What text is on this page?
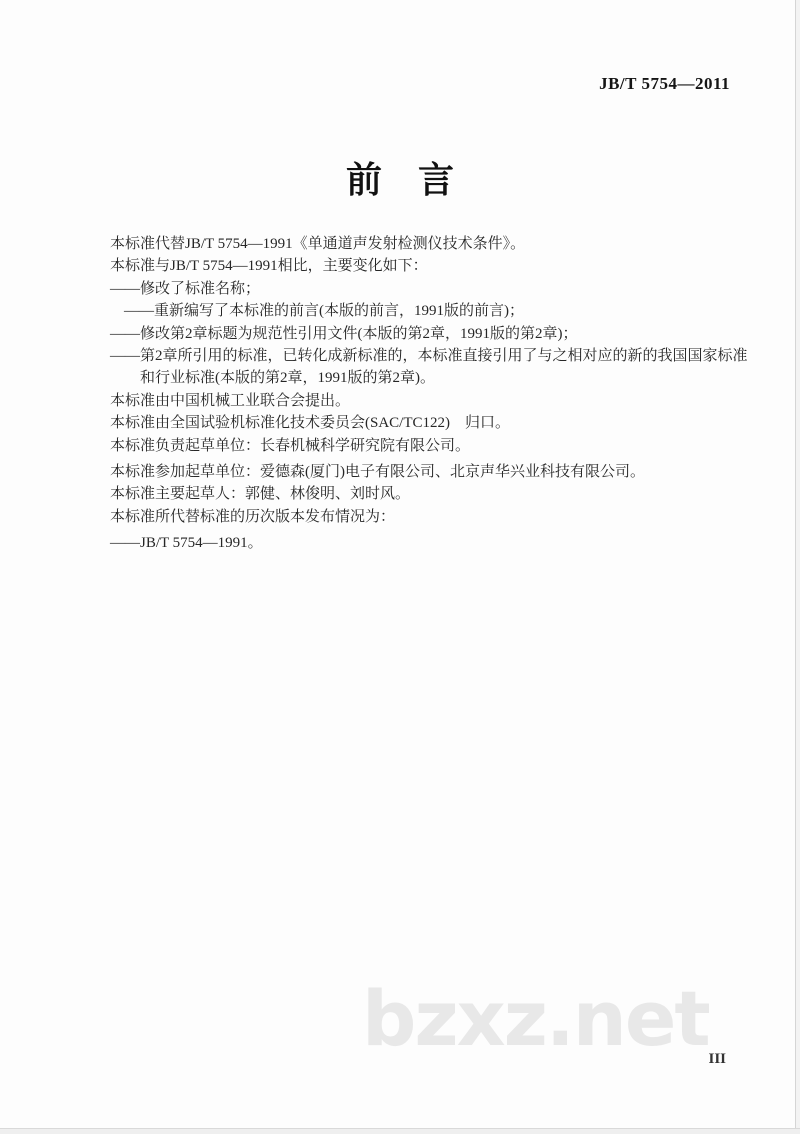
JB/T 5754—2011
前　言

本标准代替JB/T 5754—1991《单通道声发射检测仪技术条件》。

本标准与JB/T 5754—1991相比，主要变化如下：

——修改了标准名称；

——重新编写了本标准的前言(本版的前言，1991版的前言)；

——修改第2章标题为规范性引用文件(本版的第2章，1991版的第2章)；

——第2章所引用的标准，已转化成新标准的，本标准直接引用了与之相对应的新的我国国家标准

和行业标准(本版的第2章，1991版的第2章)。

本标准由中国机械工业联合会提出。

本标准由全国试验机标准化技术委员会(SAC/TC122)　归口。

本标准负责起草单位：长春机械科学研究院有限公司。

本标准参加起草单位：爱德森(厦门)电子有限公司、北京声华兴业科技有限公司。

本标准主要起草人：郭健、林俊明、刘时风。

本标准所代替标准的历次版本发布情况为：

——JB/T 5754—1991。

bzxz.net III
